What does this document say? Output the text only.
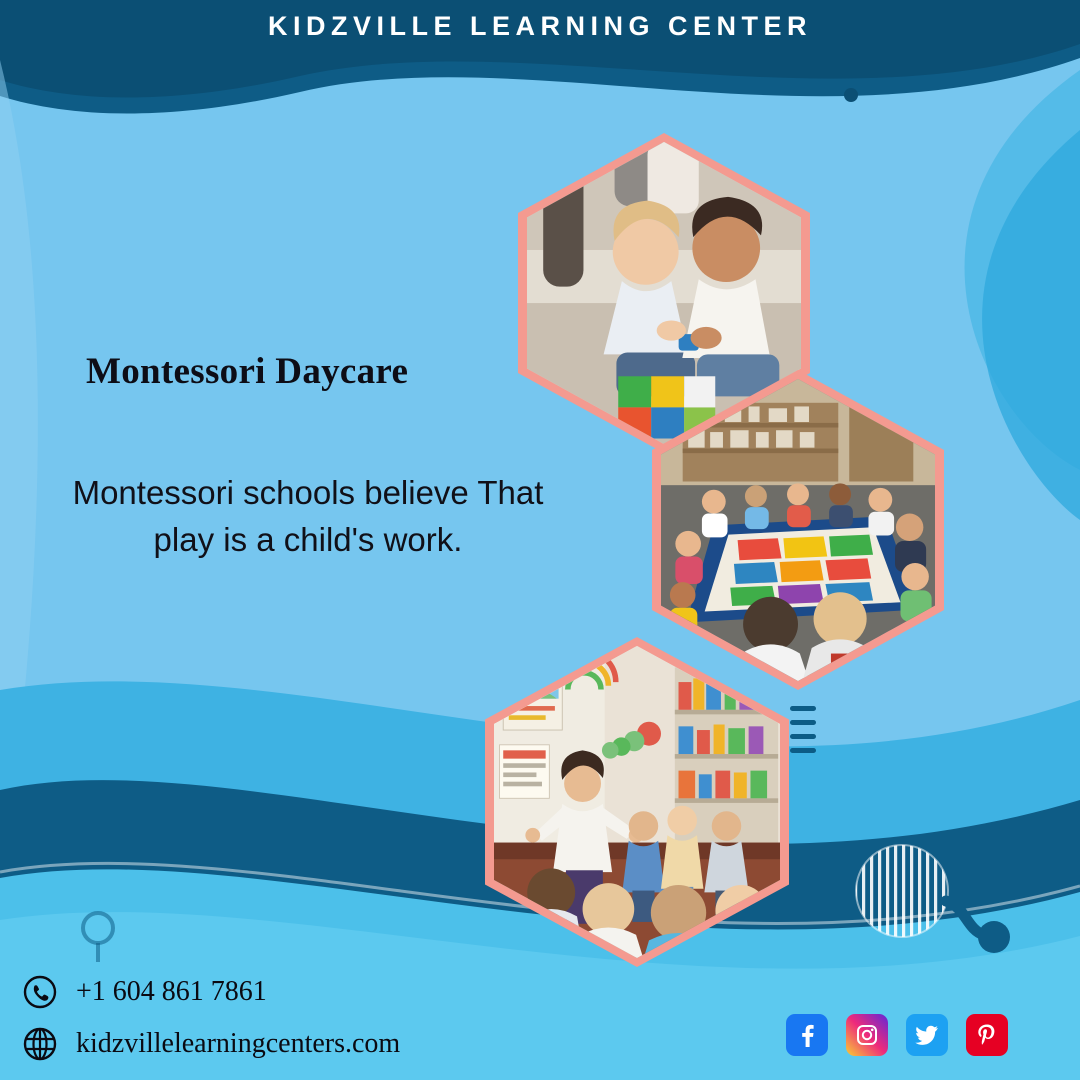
KIDZVILLE LEARNING CENTER
Montessori Daycare
Montessori schools believe That play is a child's work.
+1 604 861 7861
kidzvillelearningcenters.com
